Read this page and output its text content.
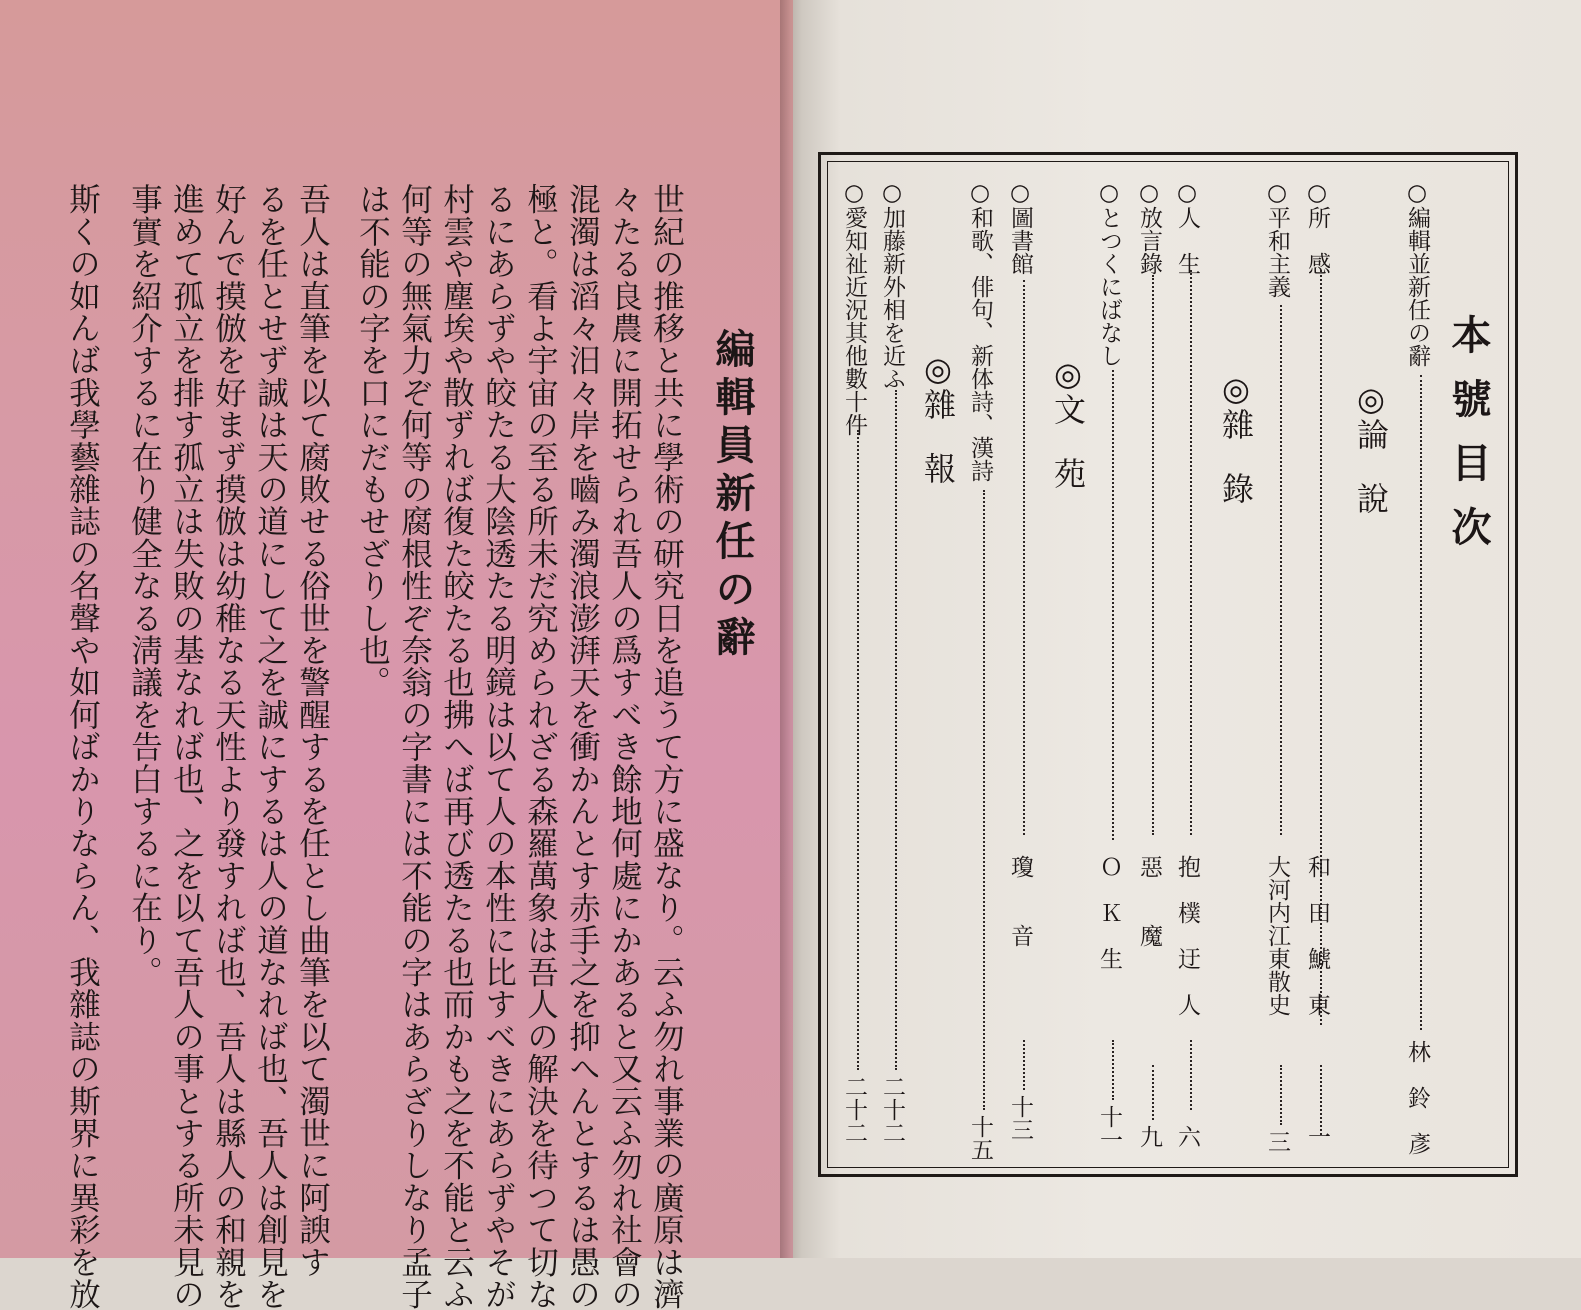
編輯員新任の辭
世紀の推移と共に學術の研究日を追うて方に盛なり。云ふ勿れ事業の廣原は濟
々たる良農に開拓せられ吾人の爲すべき餘地何處にかあると又云ふ勿れ社會の
混濁は滔々汨々岸を嚙み濁浪澎湃天を衝かんとす赤手之を抑へんとするは愚の
極と。看よ宇宙の至る所未だ究められざる森羅萬象は吾人の解決を待つて切な
るにあらずや皎たる大陰透たる明鏡は以て人の本性に比すべきにあらずやそが
村雲や塵埃や散ずれば復た皎たる也拂へば再び透たる也而かも之を不能と云ふ
何等の無氣力ぞ何等の腐根性ぞ奈翁の字書には不能の字はあらざりしなり孟子
は不能の字を口にだもせざりし也。
吾人は直筆を以て腐敗せる俗世を警醒するを任とし曲筆を以て濁世に阿諛す
るを任とせず誠は天の道にして之を誠にするは人の道なれば也、吾人は創見を
好んで摸倣を好まず摸倣は幼稚なる天性より發すれば也、吾人は縣人の和親を
進めて孤立を排す孤立は失敗の基なれば也、之を以て吾人の事とする所未見の
事實を紹介するに在り健全なる淸議を告白するに在り。
斯くの如んば我學藝雜誌の名聲や如何ばかりならん、我雜誌の斯界に異彩を放	本號目次
○編輯並新任の辭
林　鈴　彥
◎論　說
○所　感
和　田　鯱　東
一
○平和主義
大河内江東散史
三
◎雜　錄
○人　生
抱　樸　迂　人
六
○放言錄
惡　　魔
九
○とつくにばなし
Ｏ　Ｋ　生
十一
◎文　苑
○圖書館
瓊　　音
十三
○和歌、俳句、新体詩、漢詩
十五
◎雜　報
○加藤新外相を近ふ
二十二
○愛知祉近況其他數十件
二十二
